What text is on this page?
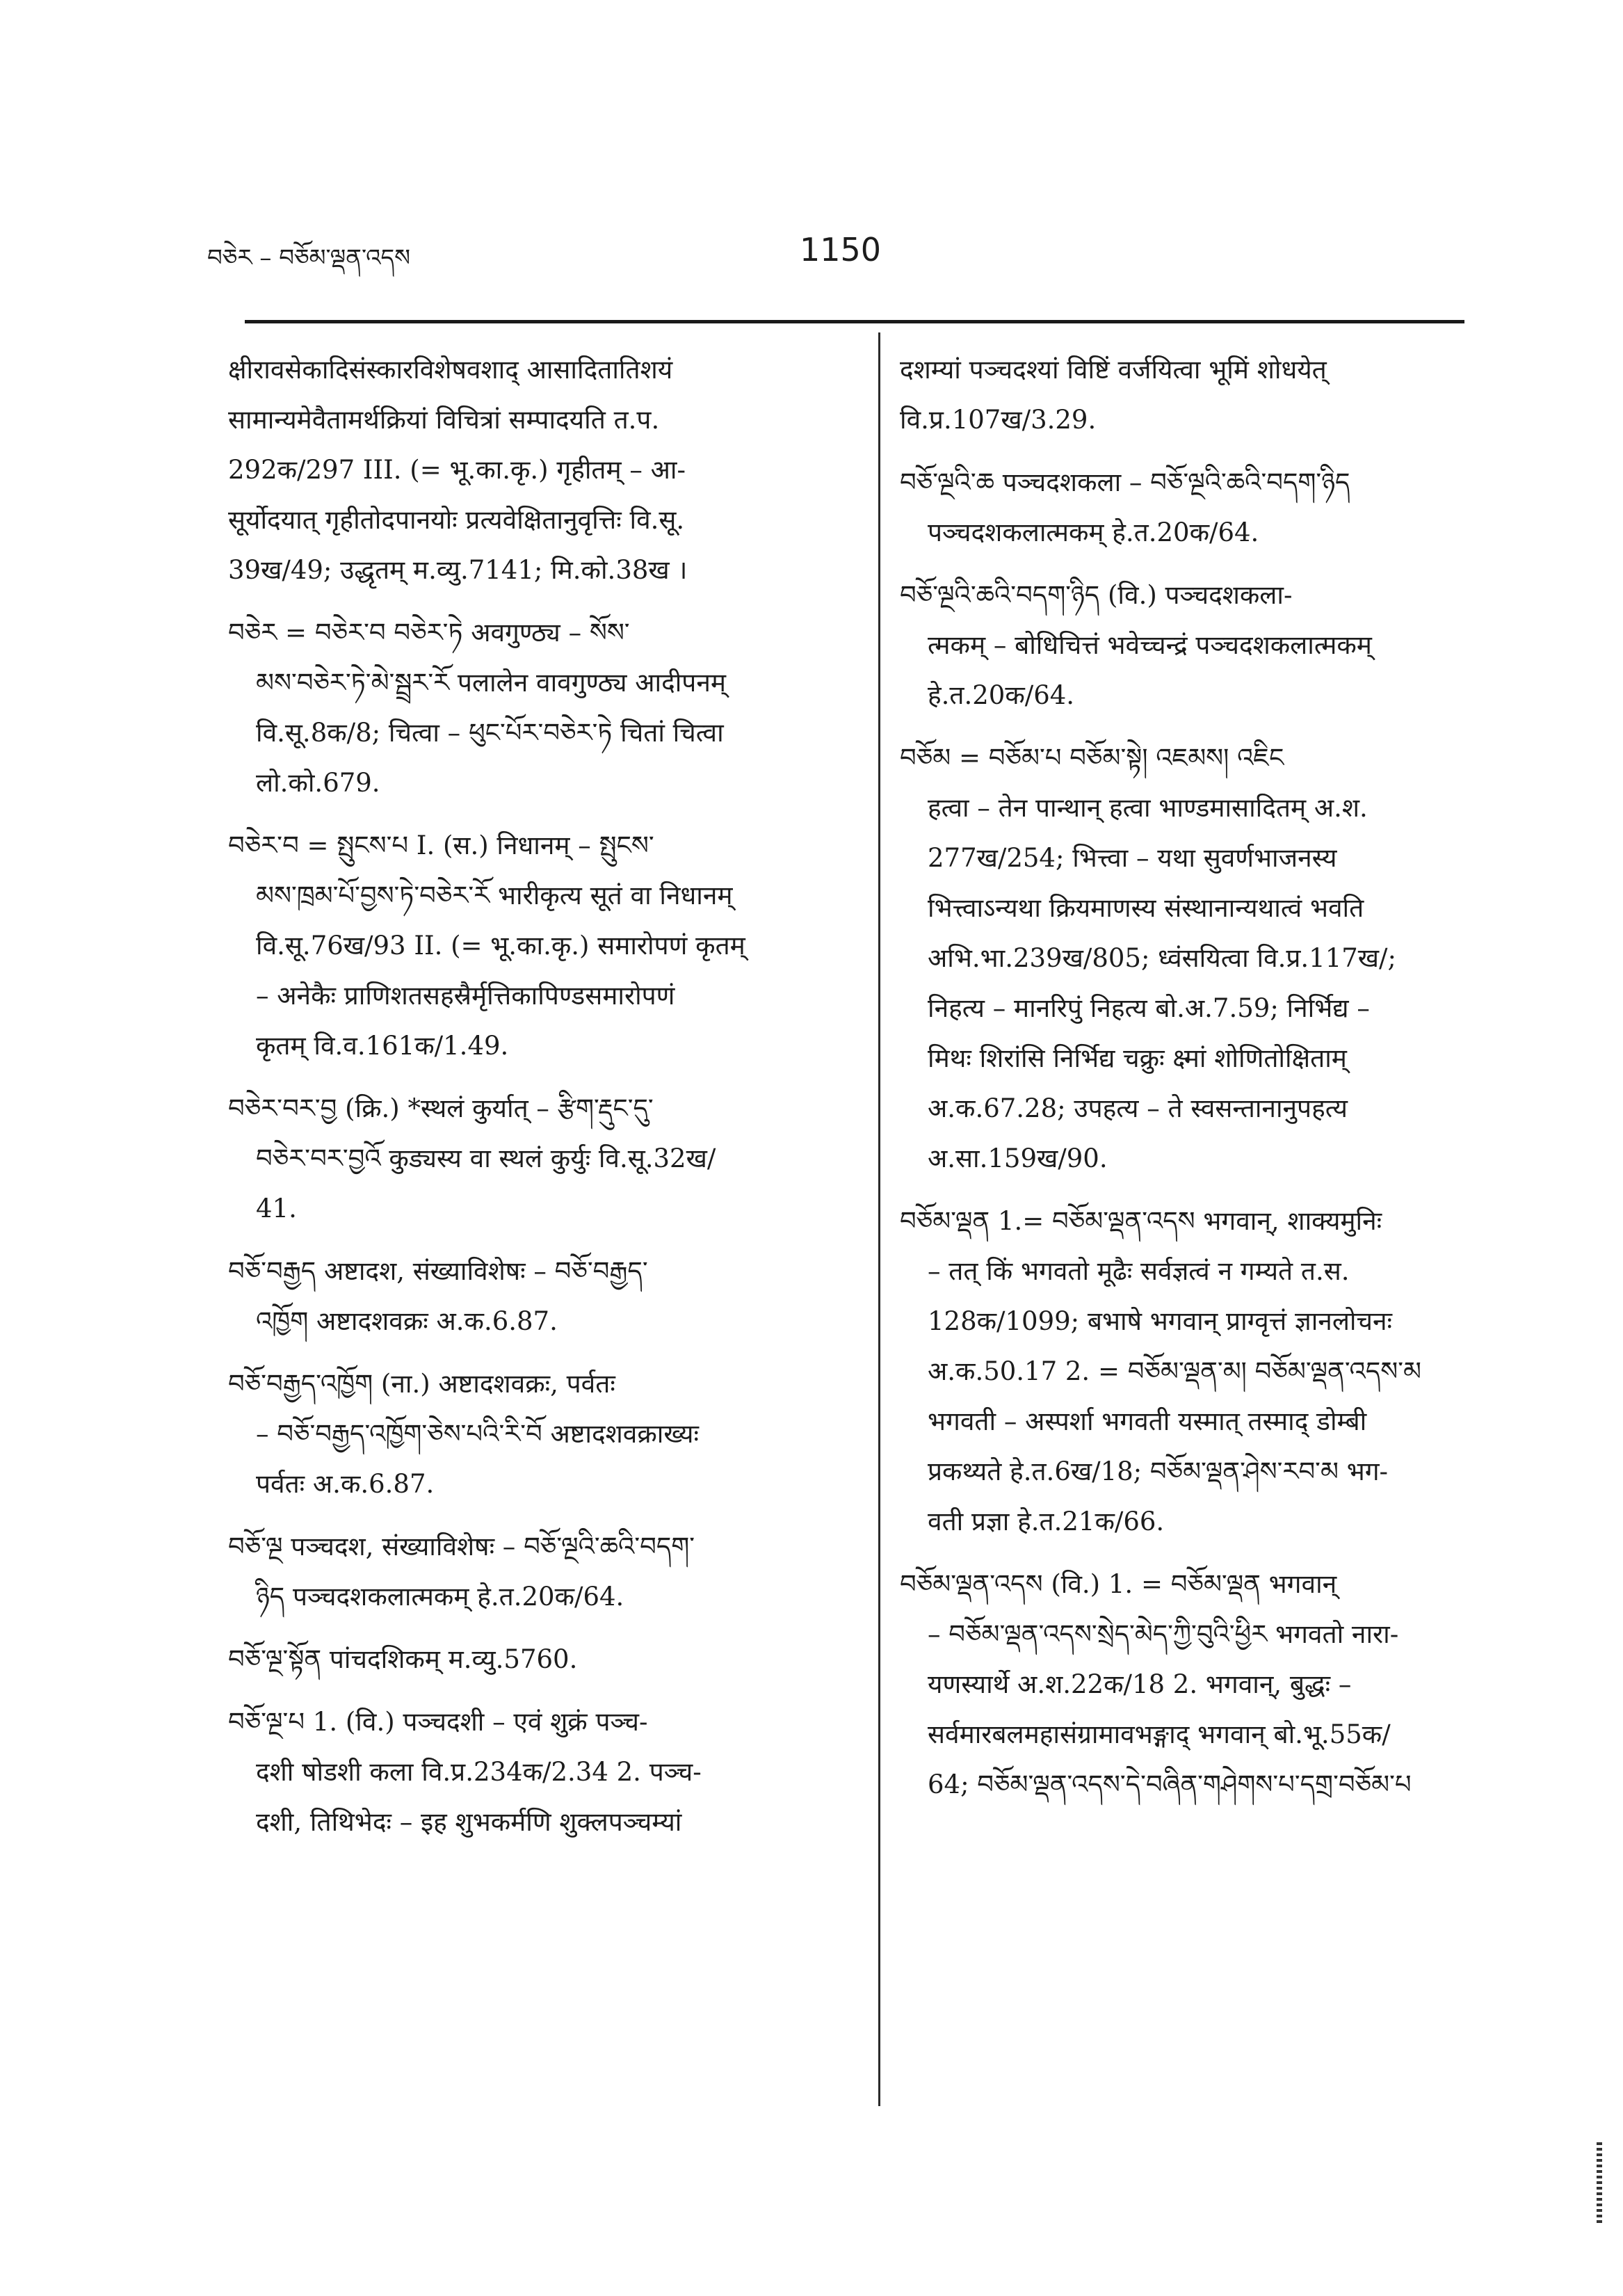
བཅེར – བཅོམ་ལྡན་འདས	1150

क्षीरावसेकादिसंस्कारविशेषवशाद् आसादितातिशयं

सामान्यमेवैतामर्थक्रियां विचित्रां सम्पादयति त.प.

292क/297 III. (= भू.का.कृ.) गृहीतम् – आ-

सूर्योदयात् गृहीतोदपानयोः प्रत्यवेक्षितानुवृत्तिः वि.सू.

39ख/49; उद्धृतम् म.व्यु.7141; मि.को.38ख ।

བཅེར = བཅེར་བ བཅེར་ཏེ अवगुण्ठ्य – སོས་

མས་བཅེར་ཏེ་མེ་སྦྲར་རོ पलालेन वावगुण्ठ्य आदीपनम्

वि.सू.8क/8; चित्वा – ཕུང་པོར་བཅེར་ཏེ चितां चित्वा

लो.को.679.

བཅེར་བ = སྤུངས་པ I. (स.) निधानम् – སྤུངས་

མས་ཁྲམ་པོ་བྱས་ཏེ་བཅེར་རོ भारीकृत्य सूतं वा निधानम्

वि.सू.76ख/93 II. (= भू.का.कृ.) समारोपणं कृतम्

– अनेकैः प्राणिशतसहस्रैर्मृत्तिकापिण्डसमारोपणं

कृतम् वि.व.161क/1.49.

བཅེར་བར་བྱ (क्रि.) *स्थलं कुर्यात् – རྩིག་རྡུང་དུ་

བཅེར་བར་བྱའོ कुड्यस्य वा स्थलं कुर्युः वि.सू.32ख/

41.

བཅོ་བརྒྱད अष्टादश, संख्याविशेषः – བཅོ་བརྒྱད་

འཁྱོག अष्टादशवक्रः अ.क.6.87.

བཅོ་བརྒྱད་འཁྱོག (ना.) अष्टादशवक्रः, पर्वतः

– བཅོ་བརྒྱད་འཁྱོག་ཅེས་པའི་རི་བོ अष्टादशवक्राख्यः

पर्वतः अ.क.6.87.

བཅོ་ལྔ पञ्चदश, संख्याविशेषः – བཅོ་ལྔའི་ཆའི་བདག་

ཉིད पञ्चदशकलात्मकम् हे.त.20क/64.

བཅོ་ལྔ་སྟོན पांचदशिकम् म.व्यु.5760.

བཅོ་ལྔ་པ 1. (वि.) पञ्चदशी – एवं शुक्रं पञ्च-

दशी षोडशी कला वि.प्र.234क/2.34 2. पञ्च-

दशी, तिथिभेदः – इह शुभकर्मणि शुक्लपञ्चम्यां

दशम्यां पञ्चदश्यां विष्टिं वर्जयित्वा भूमिं शोधयेत्

वि.प्र.107ख/3.29.

བཅོ་ལྔའི་ཆ पञ्चदशकला – བཅོ་ལྔའི་ཆའི་བདག་ཉིད

पञ्चदशकलात्मकम् हे.त.20क/64.

བཅོ་ལྔའི་ཆའི་བདག་ཉིད (वि.) पञ्चदशकला-

त्मकम् – बोधिचित्तं भवेच्चन्द्रं पञ्चदशकलात्मकम्

हे.त.20क/64.

བཅོམ = བཅོམ་པ བཅོམ་སྟེ། འཇམས། འཇིང

हत्वा – तेन पान्थान् हत्वा भाण्डमासादितम् अ.श.

277ख/254; भित्त्वा – यथा सुवर्णभाजनस्य

भित्त्वाऽन्यथा क्रियमाणस्य संस्थानान्यथात्वं भवति

अभि.भा.239ख/805; ध्वंसयित्वा वि.प्र.117ख/;

निहत्य – मानरिपुं निहत्य बो.अ.7.59; निर्भिद्य –

मिथः शिरांसि निर्भिद्य चक्रुः क्ष्मां शोणितोक्षिताम्

अ.क.67.28; उपहत्य – ते स्वसन्तानानुपहत्य

अ.सा.159ख/90.

བཅོམ་ལྡན 1.= བཅོམ་ལྡན་འདས भगवान्, शाक्यमुनिः

– तत् किं भगवतो मूढैः सर्वज्ञत्वं न गम्यते त.स.

128क/1099; बभाषे भगवान् प्राग्वृत्तं ज्ञानलोचनः

अ.क.50.17 2. = བཅོམ་ལྡན་མ། བཅོམ་ལྡན་འདས་མ

भगवती – अस्पर्शा भगवती यस्मात् तस्माद् डोम्बी

प्रकथ्यते हे.त.6ख/18; བཅོམ་ལྡན་ཤེས་རབ་མ भग-

वती प्रज्ञा हे.त.21क/66.

བཅོམ་ལྡན་འདས (वि.) 1. = བཅོམ་ལྡན भगवान्

– བཅོམ་ལྡན་འདས་སྲེད་མེད་ཀྱི་བུའི་ཕྱིར भगवतो नारा-

यणस्यार्थे अ.श.22क/18 2. भगवान्, बुद्धः –

सर्वमारबलमहासंग्रामावभङ्गाद् भगवान् बो.भू.55क/

64; བཅོམ་ལྡན་འདས་དེ་བཞིན་གཤེགས་པ་དགྲ་བཅོམ་པ
